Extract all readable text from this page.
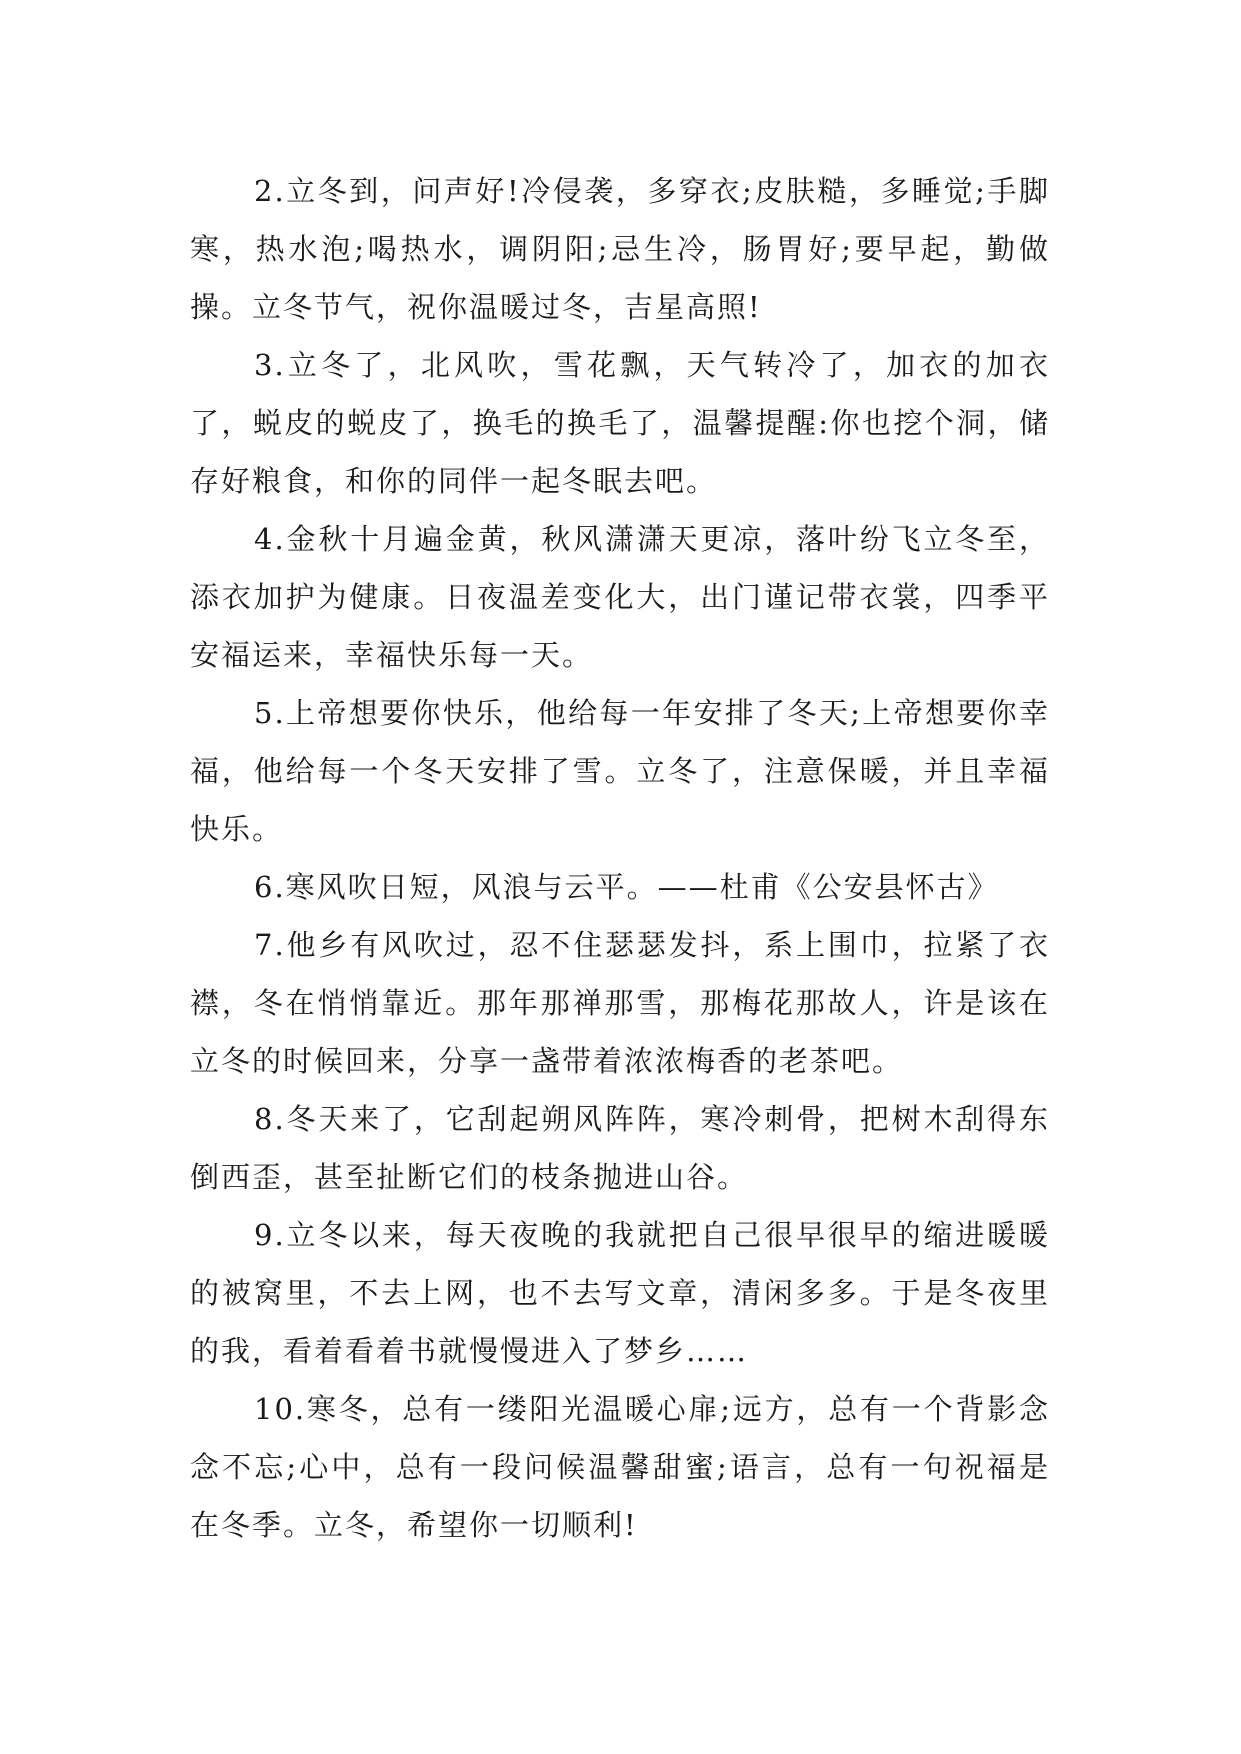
2.立冬到，问声好!冷侵袭，多穿衣;皮肤糙，多睡觉;手脚寒，热水泡;喝热水，调阴阳;忌生冷，肠胃好;要早起，勤做操。立冬节气，祝你温暖过冬，吉星高照!

3.立冬了，北风吹，雪花飘，天气转冷了，加衣的加衣了，蜕皮的蜕皮了，换毛的换毛了，温馨提醒:你也挖个洞，储存好粮食，和你的同伴一起冬眠去吧。

4.金秋十月遍金黄，秋风潇潇天更凉，落叶纷飞立冬至，添衣加护为健康。日夜温差变化大，出门谨记带衣裳，四季平安福运来，幸福快乐每一天。

5.上帝想要你快乐，他给每一年安排了冬天;上帝想要你幸福，他给每一个冬天安排了雪。立冬了，注意保暖，并且幸福快乐。

6.寒风吹日短，风浪与云平。——杜甫《公安县怀古》

7.他乡有风吹过，忍不住瑟瑟发抖，系上围巾，拉紧了衣襟，冬在悄悄靠近。那年那禅那雪，那梅花那故人，许是该在立冬的时候回来，分享一盏带着浓浓梅香的老茶吧。

8.冬天来了，它刮起朔风阵阵，寒冷刺骨，把树木刮得东倒西歪，甚至扯断它们的枝条抛进山谷。

9.立冬以来，每天夜晚的我就把自己很早很早的缩进暖暖的被窝里，不去上网，也不去写文章，清闲多多。于是冬夜里的我，看着看着书就慢慢进入了梦乡……

10.寒冬，总有一缕阳光温暖心扉;远方，总有一个背影念念不忘;心中，总有一段问候温馨甜蜜;语言，总有一句祝福是在冬季。立冬，希望你一切顺利!
